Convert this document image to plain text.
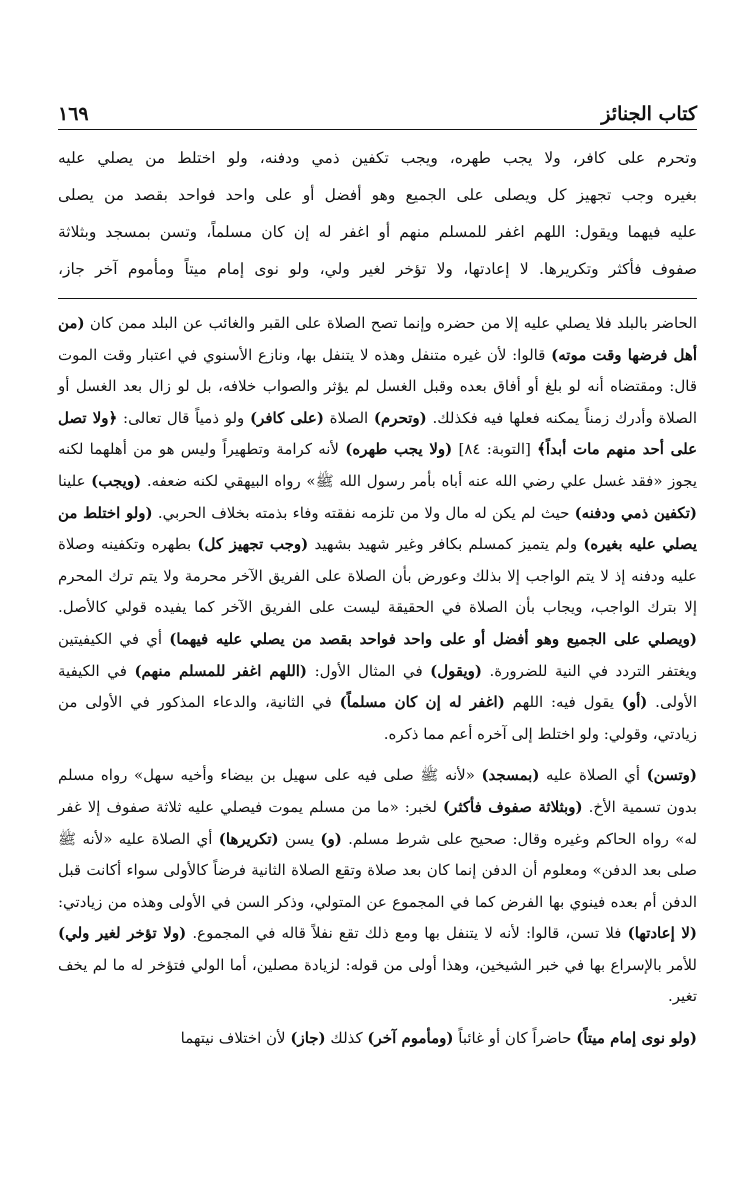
كتاب الجنائز
١٦٩

وتحرم على كافر، ولا يجب طهره، ويجب تكفين ذمي ودفنه، ولو اختلط من يصلي عليه

بغيره وجب تجهيز كل ويصلى على الجميع وهو أفضل أو على واحد فواحد بقصد من يصلى

عليه فيهما ويقول: اللهم اغفر للمسلم منهم أو اغفر له إن كان مسلماً، وتسن بمسجد وبثلاثة

صفوف فأكثر وتكريرها. لا إعادتها، ولا تؤخر لغير ولي، ولو نوى إمام ميتاً ومأموم آخر جاز،

الحاضر بالبلد فلا يصلي عليه إلا من حضره وإنما تصح الصلاة على القبر والغائب عن البلد ممن كان (من أهل فرضها وقت موته) قالوا: لأن غيره متنفل وهذه لا يتنفل بها، ونازع الأسنوي في اعتبار وقت الموت قال: ومقتضاه أنه لو بلغ أو أفاق بعده وقبل الغسل لم يؤثر والصواب خلافه، بل لو زال بعد الغسل أو الصلاة وأدرك زمناً يمكنه فعلها فيه فكذلك. (وتحرم) الصلاة (على كافر) ولو ذمياً قال تعالى: ﴿ولا تصل على أحد منهم مات أبداً﴾ [التوبة: ٨٤] (ولا يجب طهره) لأنه كرامة وتطهيراً وليس هو من أهلهما لكنه يجوز «فقد غسل علي رضي الله عنه أباه بأمر رسول الله ﷺ» رواه البيهقي لكنه ضعفه. (ويجب) علينا (تكفين ذمي ودفنه) حيث لم يكن له مال ولا من تلزمه نفقته وفاء بذمته بخلاف الحربي. (ولو اختلط من يصلي عليه بغيره) ولم يتميز كمسلم بكافر وغير شهيد بشهيد (وجب تجهيز كل) بطهره وتكفينه وصلاة عليه ودفنه إذ لا يتم الواجب إلا بذلك وعورض بأن الصلاة على الفريق الآخر محرمة ولا يتم ترك المحرم إلا بترك الواجب، ويجاب بأن الصلاة في الحقيقة ليست على الفريق الآخر كما يفيده قولي كالأصل. (ويصلي على الجميع وهو أفضل أو على واحد فواحد بقصد من يصلي عليه فيهما) أي في الكيفيتين ويغتفر التردد في النية للضرورة. (ويقول) في المثال الأول: (اللهم اغفر للمسلم منهم) في الكيفية الأولى. (أو) يقول فيه: اللهم (اغفر له إن كان مسلماً) في الثانية، والدعاء المذكور في الأولى من زيادتي، وقولي: ولو اختلط إلى آخره أعم مما ذكره.

(وتسن) أي الصلاة عليه (بمسجد) «لأنه ﷺ صلى فيه على سهيل بن بيضاء وأخيه سهل» رواه مسلم بدون تسمية الأخ. (وبثلاثة صفوف فأكثر) لخبر: «ما من مسلم يموت فيصلي عليه ثلاثة صفوف إلا غفر له» رواه الحاكم وغيره وقال: صحيح على شرط مسلم. (و) يسن (تكريرها) أي الصلاة عليه «لأنه ﷺ صلى بعد الدفن» ومعلوم أن الدفن إنما كان بعد صلاة وتقع الصلاة الثانية فرضاً كالأولى سواء أكانت قبل الدفن أم بعده فينوي بها الفرض كما في المجموع عن المتولي، وذكر السن في الأولى وهذه من زيادتي: (لا إعادتها) فلا تسن، قالوا: لأنه لا يتنفل بها ومع ذلك تقع نفلاً قاله في المجموع. (ولا تؤخر لغير ولي) للأمر بالإسراع بها في خبر الشيخين، وهذا أولى من قوله: لزيادة مصلين، أما الولي فتؤخر له ما لم يخف تغير.

(ولو نوى إمام ميتاً) حاضراً كان أو غائباً (ومأموم آخر) كذلك (جاز) لأن اختلاف نيتهما
